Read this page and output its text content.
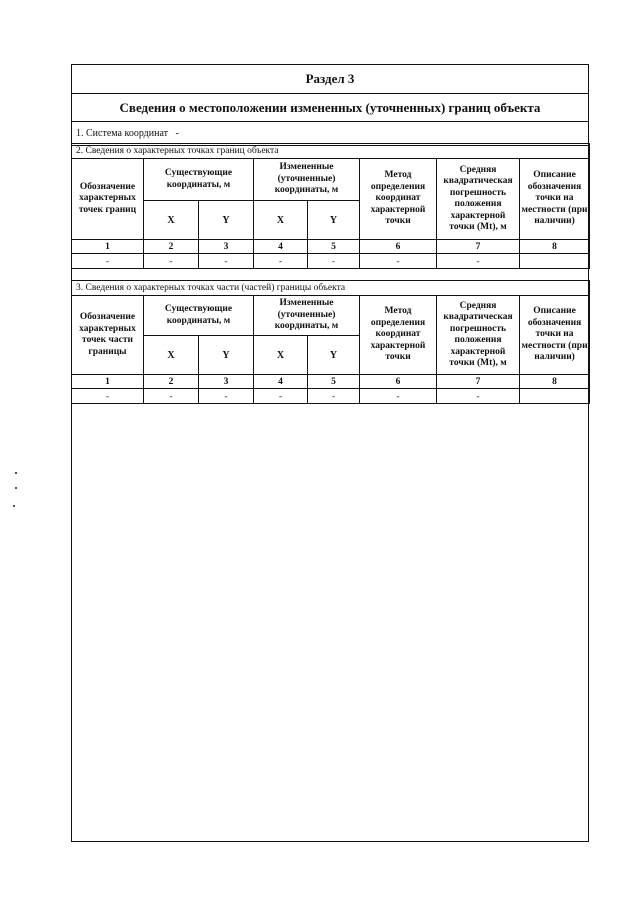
Раздел 3
Сведения о местоположении измененных (уточненных) границ объекта
1. Система координат -
2. Сведения о характерных точках границ объекта							
Обозначение характерных точек границ	Существующие координаты, м		Измененные (уточненные) координаты, м		Метод определения координат характерной точки	Средняя квадратическая погрешность положения характерной точки (Mt), м	Описание обозначения точки на местности (при наличии)
	X	Y	X	Y			
1	2	3	4	5	6	7	8
-	-	-	-	-	-	-	
3. Сведения о характерных точках части (частей) границы объекта							
Обозначение характерных точек части границы	Существующие координаты, м		Измененные (уточненные) координаты, м		Метод определения координат характерной точки	Средняя квадратическая погрешность положения характерной точки (Mt), м	Описание обозначения точки на местности (при наличии)
	X	Y	X	Y			
1	2	3	4	5	6	7	8
-	-	-	-	-	-	-	
